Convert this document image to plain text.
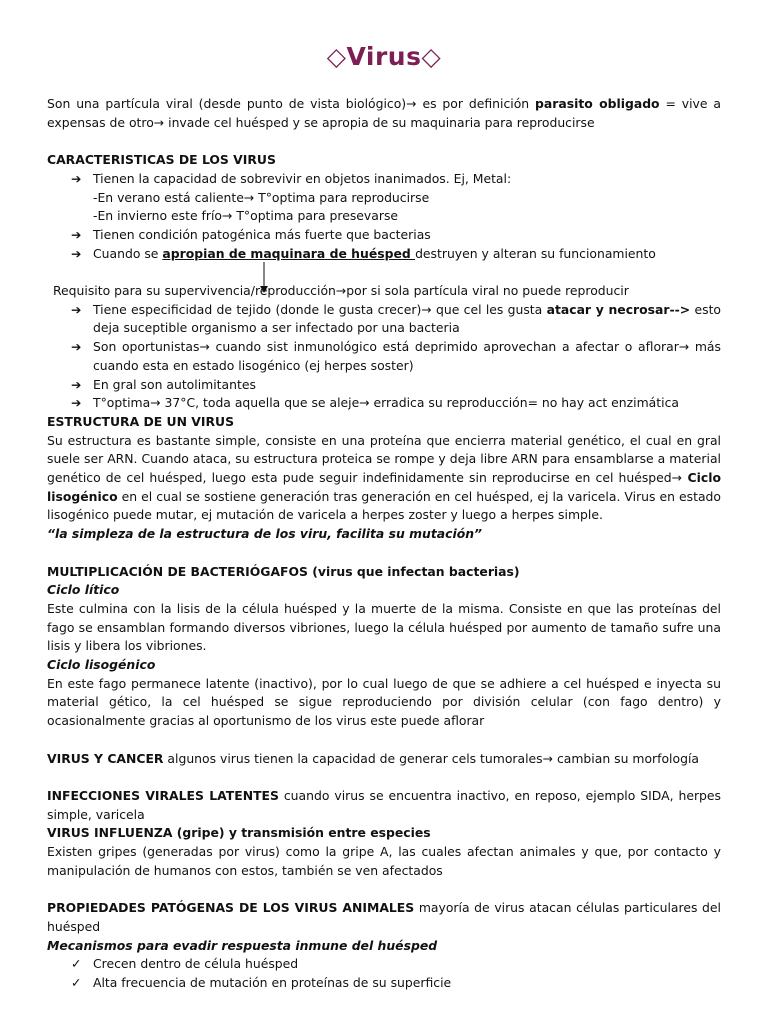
◇Virus◇

Son una partícula viral (desde punto de vista biológico)→ es por definición parasito obligado = vive a expensas de otro→ invade cel huésped y se apropia de su maquinaria para reproducirse

CARACTERISTICAS DE LOS VIRUS

➔ Tienen la capacidad de sobrevivir en objetos inanimados. Ej, Metal:

-En verano está caliente→ T°optima para reproducirse

-En invierno este frío→ T°optima para presevarse

➔ Tienen condición patogénica más fuerte que bacterias

➔ Cuando se apropian de maquinara de huésped destruyen y alteran su funcionamiento

Requisito para su supervivencia/reproducción→por si sola partícula viral no puede reproducir

➔ Tiene especificidad de tejido (donde le gusta crecer)→ que cel les gusta atacar y necrosar--> esto deja suceptible organismo a ser infectado por una bacteria

➔ Son oportunistas→ cuando sist inmunológico está deprimido aprovechan a afectar o aflorar→ más cuando esta en estado lisogénico (ej herpes soster)

➔ En gral son autolimitantes

➔ T°optima→ 37°C, toda aquella que se aleje→ erradica su reproducción= no hay act enzimática

ESTRUCTURA DE UN VIRUS

Su estructura es bastante simple, consiste en una proteína que encierra material genético, el cual en gral suele ser ARN. Cuando ataca, su estructura proteica se rompe y deja libre ARN para ensamblarse a material genético de cel huésped, luego esta pude seguir indefinidamente sin reproducirse en cel huésped→ Ciclo lisogénico en el cual se sostiene generación tras generación en cel huésped, ej la varicela. Virus en estado lisogénico puede mutar, ej mutación de varicela a herpes zoster y luego a herpes simple.

“la simpleza de la estructura de los viru, facilita su mutación”

MULTIPLICACIÓN DE BACTERIÓGAFOS (virus que infectan bacterias)

Ciclo lítico

Este culmina con la lisis de la célula huésped y la muerte de la misma. Consiste en que las proteínas del fago se ensamblan formando diversos vibriones, luego la célula huésped por aumento de tamaño sufre una lisis y libera los vibriones.

Ciclo lisogénico

En este fago permanece latente (inactivo), por lo cual luego de que se adhiere a cel huésped e inyecta su material gético, la cel huésped se sigue reproduciendo por división celular (con fago dentro) y ocasionalmente gracias al oportunismo de los virus este puede aflorar

VIRUS Y CANCER algunos virus tienen la capacidad de generar cels tumorales→ cambian su morfología

INFECCIONES VIRALES LATENTES cuando virus se encuentra inactivo, en reposo, ejemplo SIDA, herpes simple, varicela

VIRUS INFLUENZA (gripe) y transmisión entre especies

Existen gripes (generadas por virus) como la gripe A, las cuales afectan animales y que, por contacto y manipulación de humanos con estos, también se ven afectados

PROPIEDADES PATÓGENAS DE LOS VIRUS ANIMALES mayoría de virus atacan células particulares del huésped

Mecanismos para evadir respuesta inmune del huésped

✓ Crecen dentro de célula huésped

✓ Alta frecuencia de mutación en proteínas de su superficie
